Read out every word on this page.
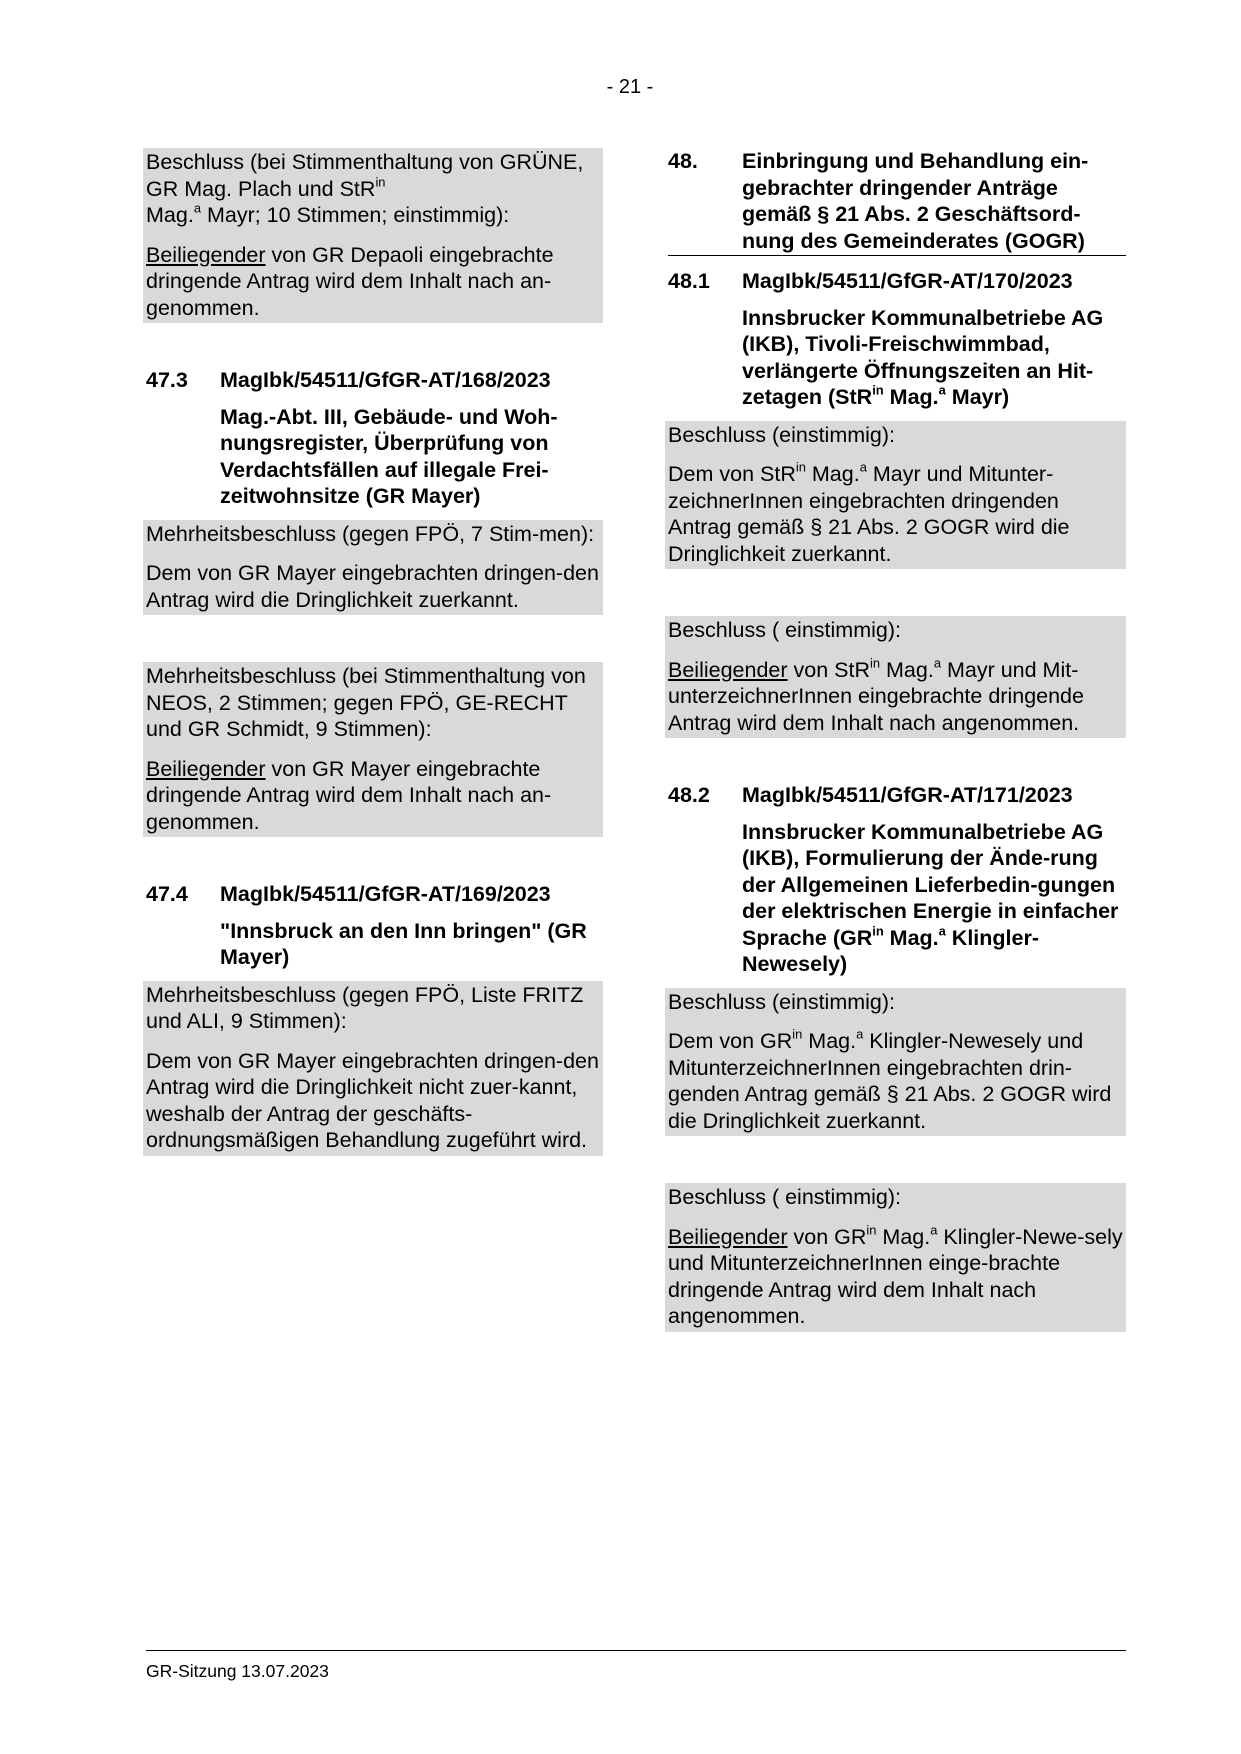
- 21 -

Beschluss (bei Stimmenthaltung von GRÜNE, GR Mag. Plach und StR$^{in}$
Mag.$^a$ Mayr; 10 Stimmen; einstimmig):

Beiliegender von GR Depaoli eingebrachte dringende Antrag wird dem Inhalt nach an-genommen.

47.3	MagIbk/54511/GfGR-AT/168/2023
Mag.-Abt. III, Gebäude- und Woh-nungsregister, Überprüfung von Verdachtsfällen auf illegale Frei-zeitwohnsitze (GR Mayer)

Mehrheitsbeschluss (gegen FPÖ, 7 Stim-men):

Dem von GR Mayer eingebrachten dringen-den Antrag wird die Dringlichkeit zuerkannt.

Mehrheitsbeschluss (bei Stimmenthaltung von NEOS, 2 Stimmen; gegen FPÖ, GE-RECHT und GR Schmidt, 9 Stimmen):

Beiliegender von GR Mayer eingebrachte dringende Antrag wird dem Inhalt nach an-genommen.

47.4	MagIbk/54511/GfGR-AT/169/2023
"Innsbruck an den Inn bringen" (GR Mayer)

Mehrheitsbeschluss (gegen FPÖ, Liste FRITZ und ALI, 9 Stimmen):

Dem von GR Mayer eingebrachten dringen-den Antrag wird die Dringlichkeit nicht zuer-kannt, weshalb der Antrag der geschäfts-ordnungsmäßigen Behandlung zugeführt wird.

48.	Einbringung und Behandlung ein-gebrachter dringender Anträge gemäß § 21 Abs. 2 Geschäftsord-nung des Gemeinderates (GOGR)
48.1	MagIbk/54511/GfGR-AT/170/2023
Innsbrucker Kommunalbetriebe AG (IKB), Tivoli-Freischwimmbad, verlängerte Öffnungszeiten an Hit-zetagen (StR$^{in}$ Mag.$^a$ Mayr)

Beschluss (einstimmig):

Dem von StR$^{in}$ Mag.$^a$ Mayr und Mitunter-zeichnerInnen eingebrachten dringenden Antrag gemäß § 21 Abs. 2 GOGR wird die Dringlichkeit zuerkannt.

Beschluss ( einstimmig):

Beiliegender von StR$^{in}$ Mag.$^a$ Mayr und Mit-unterzeichnerInnen eingebrachte dringende Antrag wird dem Inhalt nach angenommen.

48.2	MagIbk/54511/GfGR-AT/171/2023
Innsbrucker Kommunalbetriebe AG (IKB), Formulierung der Ände-rung der Allgemeinen Lieferbedin-gungen der elektrischen Energie in einfacher Sprache ($GR^{in}$ Mag.$^a$ Klingler-Newesely)

Beschluss (einstimmig):

Dem von $GR^{in}$ Mag.$^a$ Klingler-Newesely und MitunterzeichnerInnen eingebrachten drin-genden Antrag gemäß § 21 Abs. 2 GOGR wird die Dringlichkeit zuerkannt.

Beschluss ( einstimmig):

Beiliegender von $GR^{in}$ Mag.$^a$ Klingler-Newe-sely und MitunterzeichnerInnen einge-brachte dringende Antrag wird dem Inhalt nach angenommen.

GR-Sitzung 13.07.2023
